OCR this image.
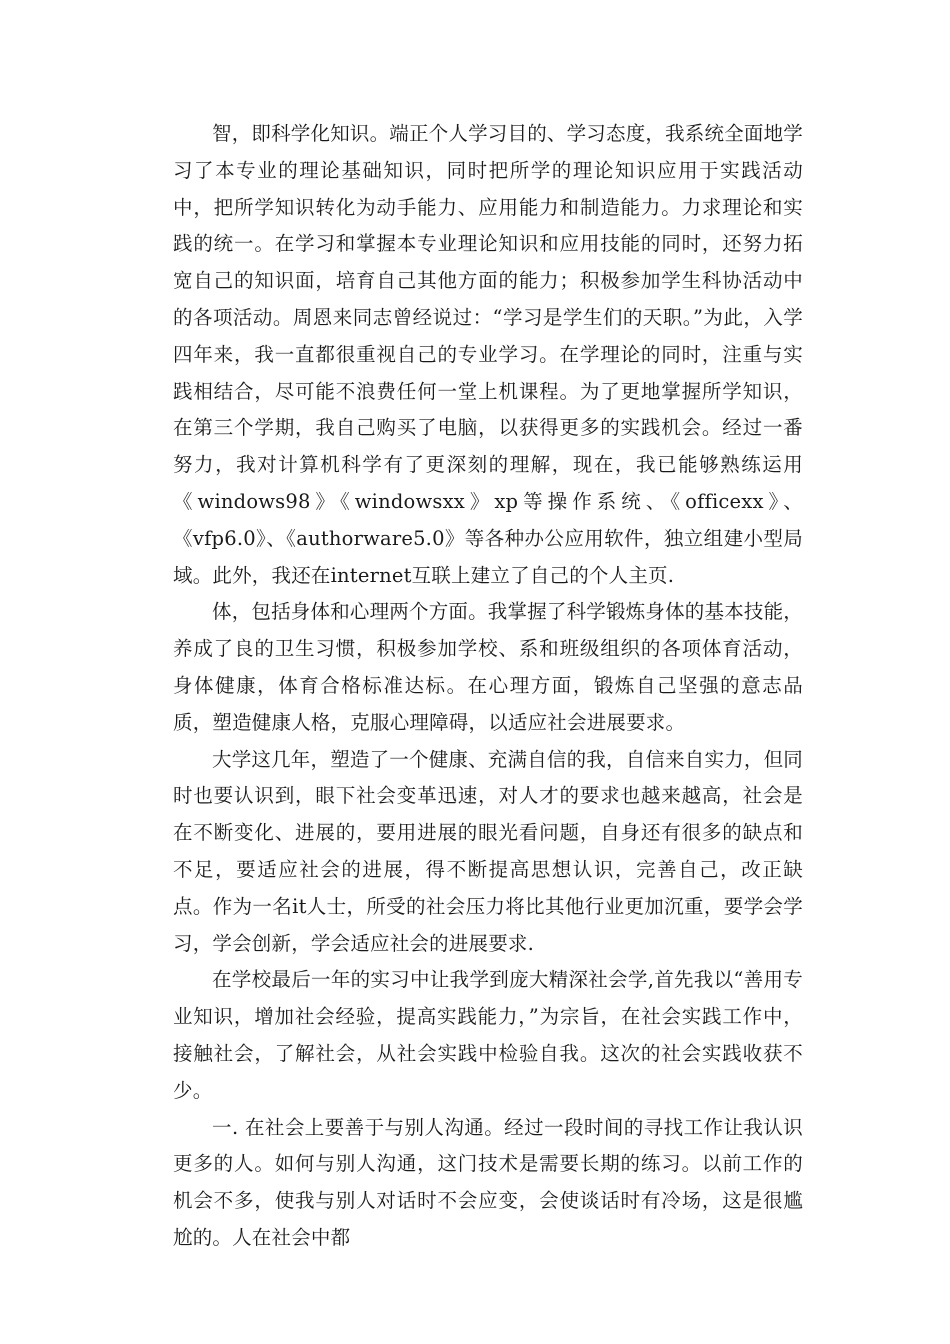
智，即科学化知识。端正个人学习目的、学习态度，我系统全面地学习了本专业的理论基础知识，同时把所学的理论知识应用于实践活动中，把所学知识转化为动手能力、应用能力和制造能力。力求理论和实践的统一。在学习和掌握本专业理论知识和应用技能的同时，还努力拓宽自己的知识面，培育自己其他方面的能力；积极参加学生科协活动中的各项活动。周恩来同志曾经说过：“学习是学生们的天职。”为此，入学四年来，我一直都很重视自己的专业学习。在学理论的同时，注重与实践相结合，尽可能不浪费任何一堂上机课程。为了更地掌握所学知识，在第三个学期，我自己购买了电脑，以获得更多的实践机会。经过一番努力，我对计算机科学有了更深刻的理解，现在，我已能够熟练运用《windows98》《windowsxx》xp等操作系统、《officexx》、《vfp6.0》、《authorware5.0》等各种办公应用软件，独立组建小型局域。此外，我还在internet互联上建立了自己的个人主页.

体，包括身体和心理两个方面。我掌握了科学锻炼身体的基本技能，养成了良的卫生习惯，积极参加学校、系和班级组织的各项体育活动，身体健康，体育合格标准达标。在心理方面，锻炼自己坚强的意志品质，塑造健康人格，克服心理障碍，以适应社会进展要求。

大学这几年，塑造了一个健康、充满自信的我，自信来自实力，但同时也要认识到，眼下社会变革迅速，对人才的要求也越来越高，社会是在不断变化、进展的，要用进展的眼光看问题，自身还有很多的缺点和不足，要适应社会的进展，得不断提高思想认识，完善自己，改正缺点。作为一名it人士，所受的社会压力将比其他行业更加沉重，要学会学习，学会创新，学会适应社会的进展要求.

在学校最后一年的实习中让我学到庞大精深社会学,首先我以“善用专业知识，增加社会经验，提高实践能力，”为宗旨，在社会实践工作中，接触社会，了解社会，从社会实践中检验自我。这次的社会实践收获不少。

一. 在社会上要善于与别人沟通。经过一段时间的寻找工作让我认识更多的人。如何与别人沟通，这门技术是需要长期的练习。以前工作的机会不多，使我与别人对话时不会应变，会使谈话时有冷场，这是很尴尬的。人在社会中都
